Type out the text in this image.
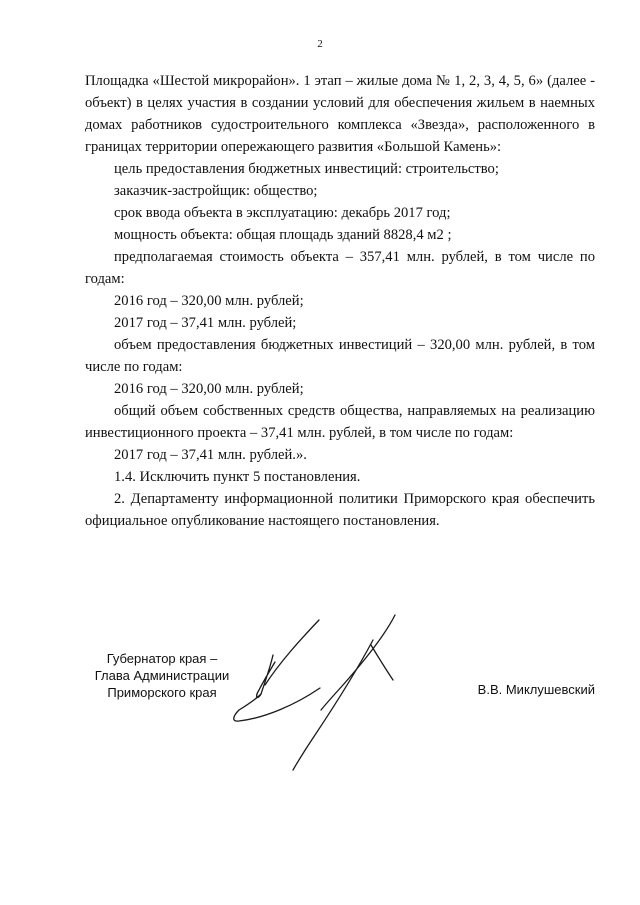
2

Площадка «Шестой микрорайон». 1 этап – жилые дома № 1, 2, 3, 4, 5, 6» (далее - объект) в целях участия в создании условий для обеспечения жильем в наемных домах работников судостроительного комплекса «Звезда», расположенного в границах территории опережающего развития «Большой Камень»:

цель предоставления бюджетных инвестиций: строительство;

заказчик-застройщик: общество;

срок ввода объекта в эксплуатацию: декабрь 2017 год;

мощность объекта: общая площадь зданий 8828,4 м2 ;

предполагаемая стоимость объекта – 357,41 млн. рублей, в том числе по годам:

2016 год – 320,00 млн. рублей;

2017 год – 37,41 млн. рублей;

объем предоставления бюджетных инвестиций – 320,00 млн. рублей, в том числе по годам:

2016 год – 320,00 млн. рублей;

общий объем собственных средств общества, направляемых на реализацию инвестиционного проекта – 37,41 млн. рублей, в том числе по годам:

2017 год – 37,41 млн. рублей.».

1.4. Исключить пункт 5 постановления.

2. Департаменту информационной политики Приморского края обеспечить официальное опубликование настоящего постановления.

Губернатор края –
Глава Администрации
Приморского края	В.В. Миклушевский
